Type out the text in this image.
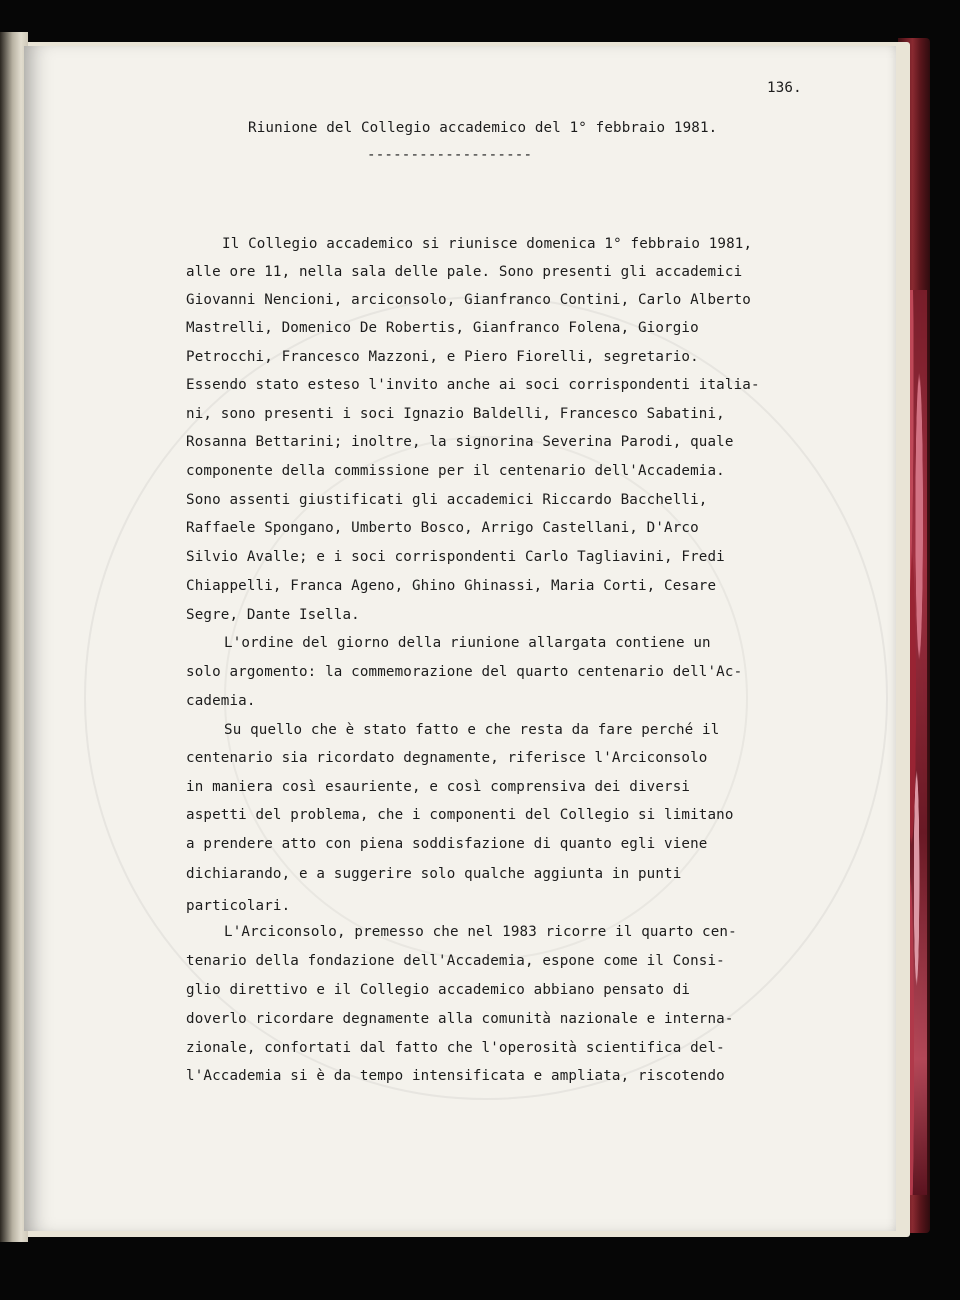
136.
Riunione del Collegio accademico del 1° febbraio 1981.
-------------------
Il Collegio accademico si riunisce domenica 1° febbraio 1981,
alle ore 11, nella sala delle pale. Sono presenti gli accademici
Giovanni Nencioni, arciconsolo, Gianfranco Contini, Carlo Alberto
Mastrelli, Domenico De Robertis, Gianfranco Folena, Giorgio
Petrocchi, Francesco Mazzoni, e Piero Fiorelli, segretario.
Essendo stato esteso l'invito anche ai soci corrispondenti italia-
ni, sono presenti i soci Ignazio Baldelli, Francesco Sabatini,
Rosanna Bettarini; inoltre, la signorina Severina Parodi, quale
componente della commissione per il centenario dell'Accademia.
Sono assenti giustificati gli accademici Riccardo Bacchelli,
Raffaele Spongano, Umberto Bosco, Arrigo Castellani, D'Arco
Silvio Avalle; e i soci corrispondenti Carlo Tagliavini, Fredi
Chiappelli, Franca Ageno, Ghino Ghinassi, Maria Corti, Cesare
Segre, Dante Isella.
L'ordine del giorno della riunione allargata contiene un
solo argomento: la commemorazione del quarto centenario dell'Ac-
cademia.
Su quello che è stato fatto e che resta da fare perché il
centenario sia ricordato degnamente, riferisce l'Arciconsolo
in maniera così esauriente, e così comprensiva dei diversi
aspetti del problema, che i componenti del Collegio si limitano
a prendere atto con piena soddisfazione di quanto egli viene
dichiarando, e a suggerire solo qualche aggiunta in punti
particolari.
L'Arciconsolo, premesso che nel 1983 ricorre il quarto cen-
tenario della fondazione dell'Accademia, espone come il Consi-
glio direttivo e il Collegio accademico abbiano pensato di
doverlo ricordare degnamente alla comunità nazionale e interna-
zionale, confortati dal fatto che l'operosità scientifica del-
l'Accademia si è da tempo intensificata e ampliata, riscotendo
